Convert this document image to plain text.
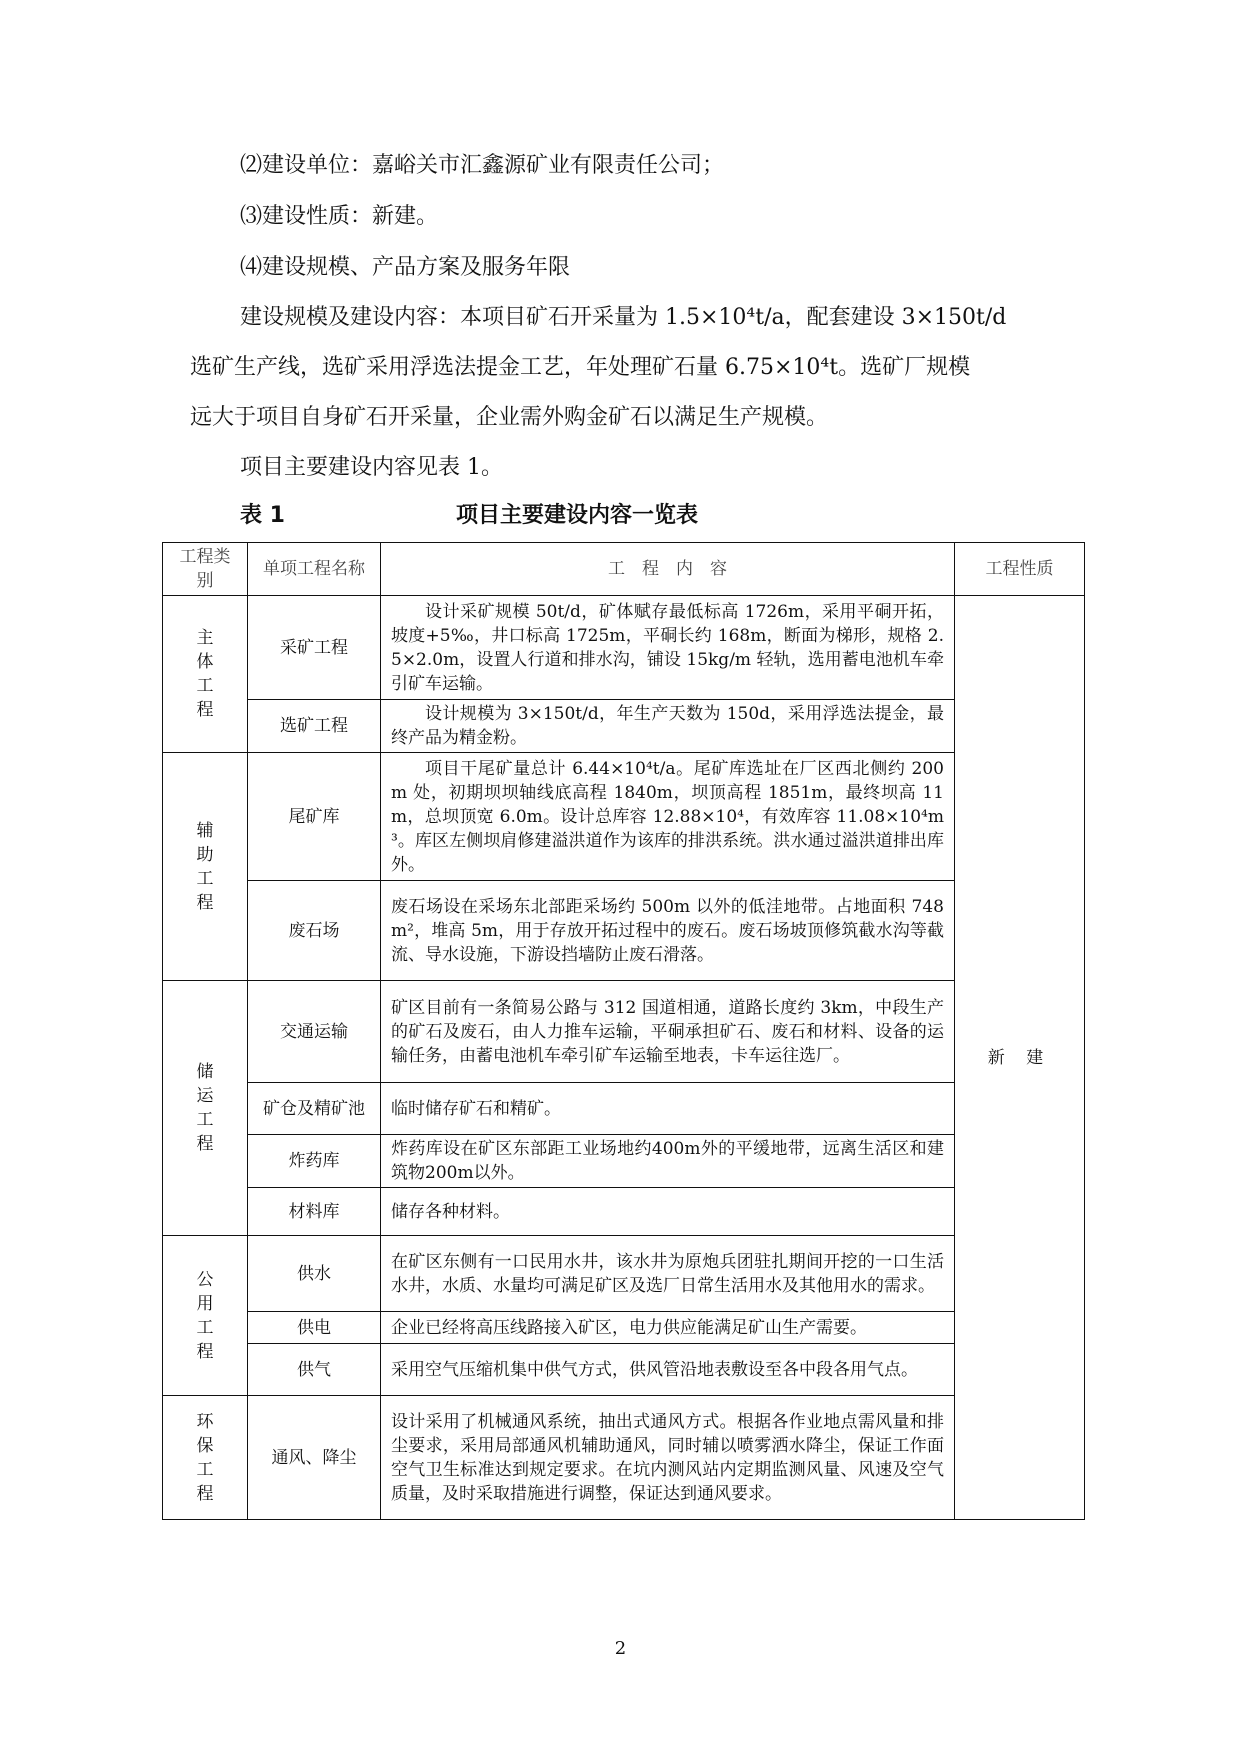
⑵建设单位：嘉峪关市汇鑫源矿业有限责任公司；

⑶建设性质：新建。

⑷建设规模、产品方案及服务年限

建设规模及建设内容：本项目矿石开采量为 1.5×10⁴t/a，配套建设 3×150t/d

选矿生产线，选矿采用浮选法提金工艺，年处理矿石量 6.75×10⁴t。选矿厂规模

远大于项目自身矿石开采量，企业需外购金矿石以满足生产规模。

项目主要建设内容见表 1。

表 1	项目主要建设内容一览表

工程类别	单项工程名称	工　程　内　容	工程性质

主体工程	采矿工程	设计采矿规模 50t/d，矿体赋存最低标高 1726m，采用平硐开拓，坡度+5‰，井口标高 1725m，平硐长约 168m，断面为梯形，规格 2.5×2.0m，设置人行道和排水沟，铺设 15kg/m 轻轨，选用蓄电池机车牵引矿车运输。	新 建
	选矿工程	设计规模为 3×150t/d，年生产天数为 150d，采用浮选法提金，最终产品为精金粉。	

辅助工程	尾矿库	项目干尾矿量总计 6.44×10⁴t/a。尾矿库选址在厂区西北侧约 200m 处，初期坝坝轴线底高程 1840m，坝顶高程 1851m，最终坝高 11m，总坝顶宽 6.0m。设计总库容 12.88×10⁴，有效库容 11.08×10⁴m³。库区左侧坝肩修建溢洪道作为该库的排洪系统。洪水通过溢洪道排出库外。	
	废石场	废石场设在采场东北部距采场约 500m 以外的低洼地带。占地面积 748m²，堆高 5m，用于存放开拓过程中的废石。废石场坡顶修筑截水沟等截流、导水设施，下游设挡墙防止废石滑落。	

储运工程	交通运输	矿区目前有一条简易公路与 312 国道相通，道路长度约 3km，中段生产的矿石及废石，由人力推车运输，平硐承担矿石、废石和材料、设备的运输任务，由蓄电池机车牵引矿车运输至地表，卡车运往选厂。	
	矿仓及精矿池	临时储存矿石和精矿。	
	炸药库	炸药库设在矿区东部距工业场地约400m外的平缓地带，远离生活区和建筑物200m以外。	
	材料库	储存各种材料。	

公用工程	供水	在矿区东侧有一口民用水井，该水井为原炮兵团驻扎期间开挖的一口生活水井，水质、水量均可满足矿区及选厂日常生活用水及其他用水的需求。	
	供电	企业已经将高压线路接入矿区，电力供应能满足矿山生产需要。	
	供气	采用空气压缩机集中供气方式，供风管沿地表敷设至各中段各用气点。	

环保工程	通风、降尘	设计采用了机械通风系统，抽出式通风方式。根据各作业地点需风量和排尘要求，采用局部通风机辅助通风，同时辅以喷雾洒水降尘，保证工作面空气卫生标准达到规定要求。在坑内测风站内定期监测风量、风速及空气质量，及时采取措施进行调整，保证达到通风要求。	
2
